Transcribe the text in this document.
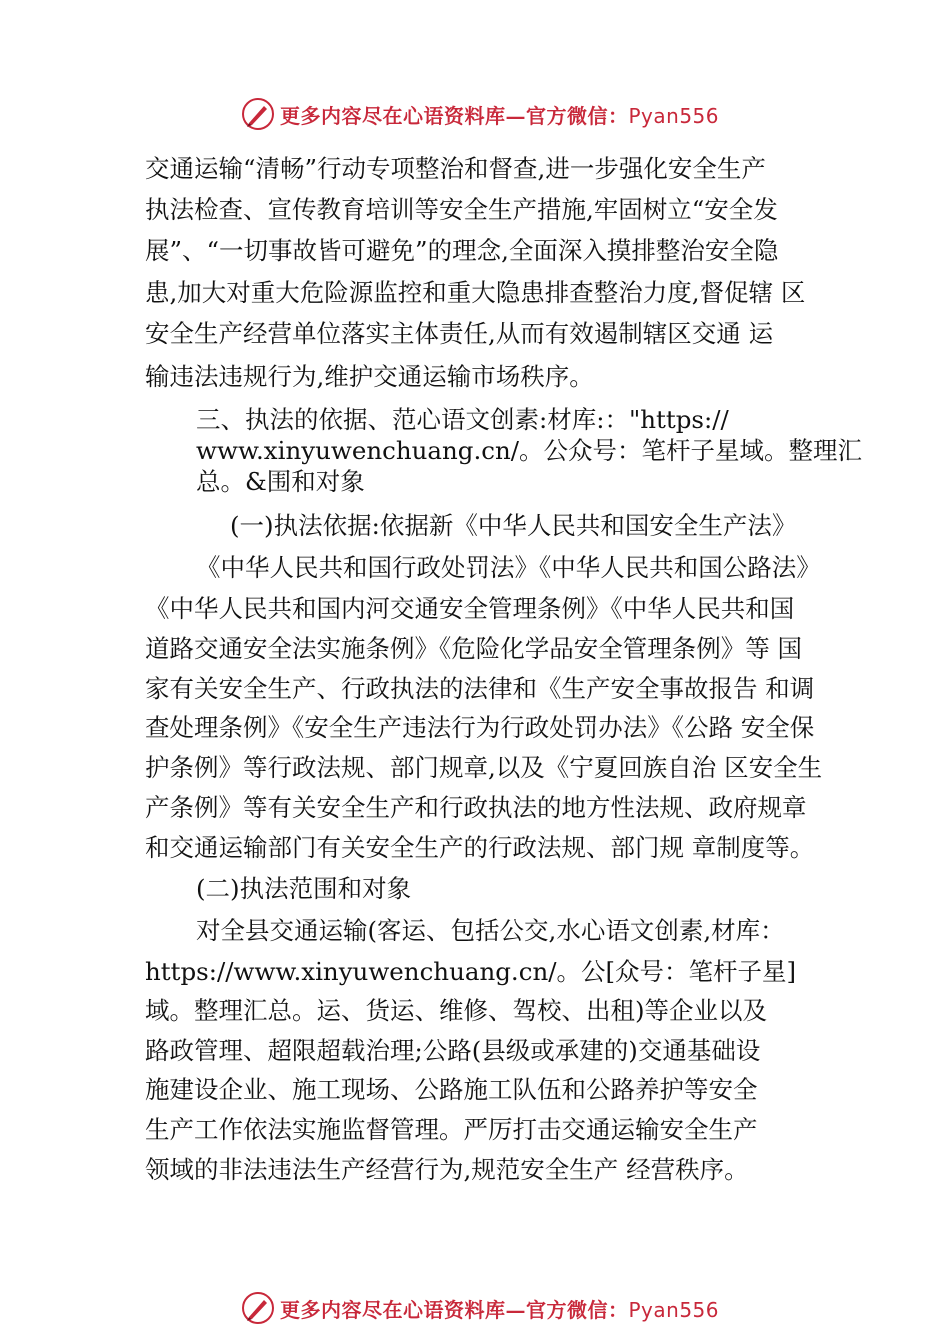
更多内容尽在心语资料库—官方微信：Pyan556
交通运输“清畅”行动专项整治和督查,进一步强化安全生产
执法检查、宣传教育培训等安全生产措施,牢固树立“安全发
展”、“一切事故皆可避免”的理念,全面深入摸排整治安全隐
患,加大对重大危险源监控和重大隐患排查整治力度,督促辖 区
安全生产经营单位落实主体责任,从而有效遏制辖区交通 运
输违法违规行为,维护交通运输市场秩序。
三、执法的依据、范心语文创素:材库:："https://
www.xinyuwenchuang.cn/。公众号：笔杆子星域。整理汇
总。&围和对象
(一)执法依据:依据新《中华人民共和国安全生产法》
《中华人民共和国行政处罚法》《中华人民共和国公路法》
《中华人民共和国内河交通安全管理条例》《中华人民共和国
道路交通安全法实施条例》《危险化学品安全管理条例》等 国
家有关安全生产、行政执法的法律和《生产安全事故报告 和调
查处理条例》《安全生产违法行为行政处罚办法》《公路 安全保
护条例》等行政法规、部门规章,以及《宁夏回族自治 区安全生
产条例》等有关安全生产和行政执法的地方性法规、政府规章
和交通运输部门有关安全生产的行政法规、部门规 章制度等。
(二)执法范围和对象
对全县交通运输(客运、包括公交,水心语文创素,材库：
https://www.xinyuwenchuang.cn/。公[众号：笔杆子星]
域。整理汇总。运、货运、维修、驾校、出租)等企业以及
路政管理、超限超载治理;公路(县级或承建的)交通基础设
施建设企业、施工现场、公路施工队伍和公路养护等安全
生产工作依法实施监督管理。严厉打击交通运输安全生产
领域的非法违法生产经营行为,规范安全生产 经营秩序。
更多内容尽在心语资料库—官方微信：Pyan556
